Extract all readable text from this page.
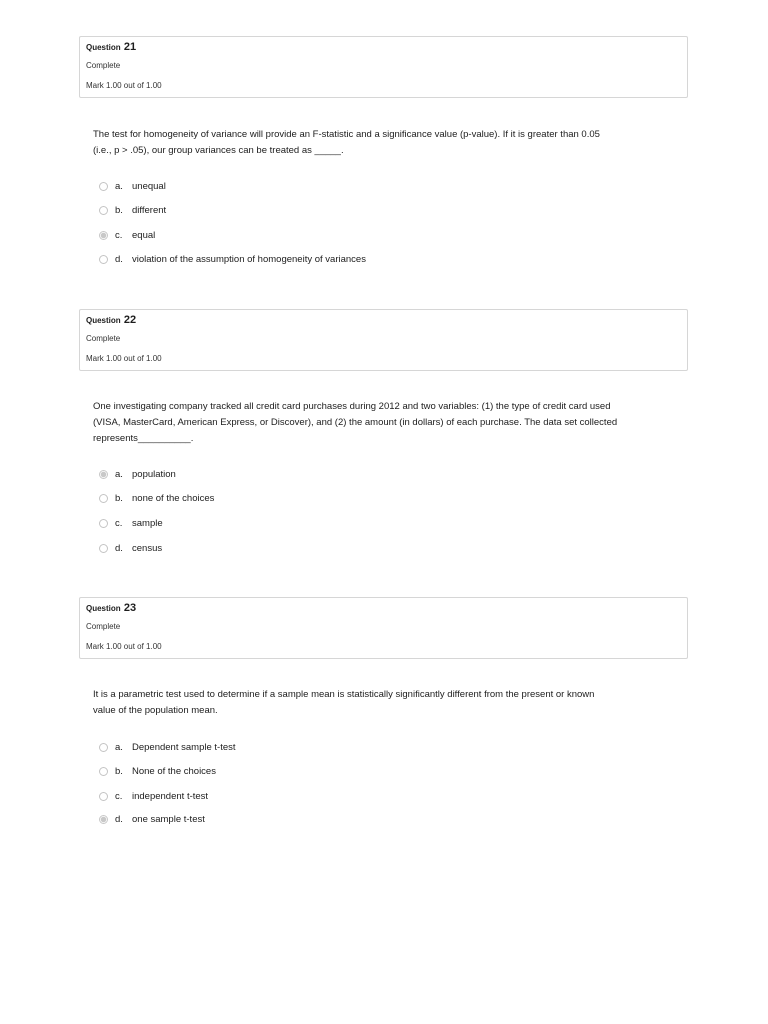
Question 21
Complete
Mark 1.00 out of 1.00
The test for homogeneity of variance will provide an F-statistic and a significance value (p-value). If it is greater than 0.05
(i.e., p > .05), our group variances can be treated as _____.
a. unequal
b. different
c. equal
d. violation of the assumption of homogeneity of variances
Question 22
Complete
Mark 1.00 out of 1.00
One investigating company tracked all credit card purchases during 2012 and two variables: (1) the type of credit card used
(VISA, MasterCard, American Express, or Discover), and (2) the amount (in dollars) of each purchase. The data set collected
represents__________.
a. population
b. none of the choices
c. sample
d. census
Question 23
Complete
Mark 1.00 out of 1.00
It is a parametric test used to determine if a sample mean is statistically significantly different from the present or known
value of the population mean.
a. Dependent sample t-test
b. None of the choices
c. independent t-test
d. one sample t-test
